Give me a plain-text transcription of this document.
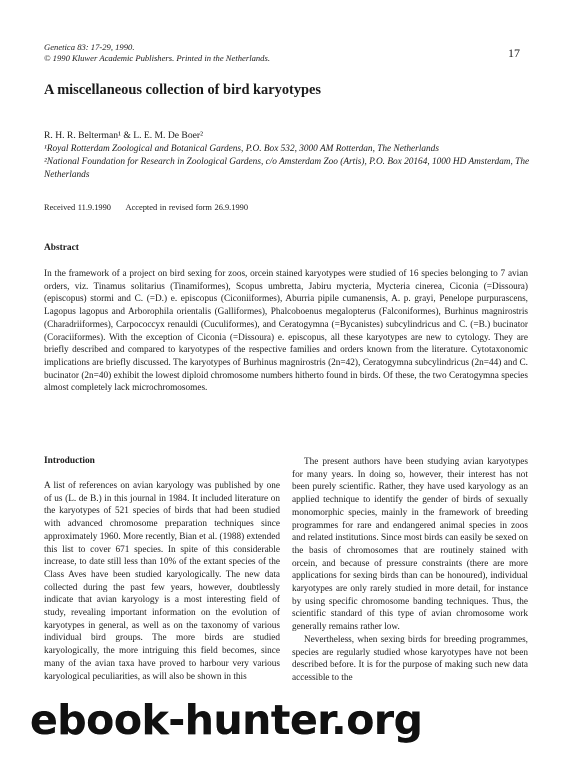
Genetica 83: 17-29, 1990.
© 1990 Kluwer Academic Publishers. Printed in the Netherlands.	17
A miscellaneous collection of bird karyotypes
R. H. R. Belterman¹ & L. E. M. De Boer²
¹Royal Rotterdam Zoological and Botanical Gardens, P.O. Box 532, 3000 AM Rotterdan, The Netherlands
²National Foundation for Research in Zoological Gardens, c/o Amsterdam Zoo (Artis), P.O. Box 20164, 1000 HD Amsterdam, The Netherlands
Received 11.9.1990 Accepted in revised form 26.9.1990
Abstract
In the framework of a project on bird sexing for zoos, orcein stained karyotypes were studied of 16 species belonging to 7 avian orders, viz. Tinamus solitarius (Tinamiformes), Scopus umbretta, Jabiru mycteria, Mycteria cinerea, Ciconia (=Dissoura) (episcopus) stormi and C. (=D.) e. episcopus (Ciconiiformes), Aburria pipile cumanensis, A. p. grayi, Penelope purpurascens, Lagopus lagopus and Arborophila orientalis (Galliformes), Phalcoboenus megalopterus (Falconiformes), Burhinus magnirostris (Charadriiformes), Carpococcyx renauldi (Cuculiformes), and Ceratogymna (=Bycanistes) subcylindricus and C. (=B.) bucinator (Coraciiformes). With the exception of Ciconia (=Dissoura) e. episcopus, all these karyotypes are new to cytology. They are briefly described and compared to karyotypes of the respective families and orders known from the literature. Cytotaxonomic implications are briefly discussed. The karyotypes of Burhinus magnirostris (2n=42), Ceratogymna subcylindricus (2n=44) and C. bucinator (2n=40) exhibit the lowest diploid chromosome numbers hitherto found in birds. Of these, the two Ceratogymna species almost completely lack microchromosomes.
Introduction

A list of references on avian karyology was published by one of us (L. de B.) in this journal in 1984. It included literature on the karyotypes of 521 species of birds that had been studied with advanced chromosome preparation techniques since approximately 1960. More recently, Bian et al. (1988) extended this list to cover 671 species. In spite of this considerable increase, to date still less than 10% of the extant species of the Class Aves have been studied karyologically. The new data collected during the past few years, however, doubtlessly indicate that avian karyology is a most interesting field of study, revealing important information on the evolution of karyotypes in general, as well as on the taxonomy of various individual bird groups. The more birds are studied karyologically, the more intriguing this field becomes, since many of the avian taxa have proved to harbour very various karyological peculiarities, as will also be shown in this

The present authors have been studying avian karyotypes for many years. In doing so, however, their interest has not been purely scientific. Rather, they have used karyology as an applied technique to identify the gender of birds of sexually monomorphic species, mainly in the framework of breeding programmes for rare and endangered animal species in zoos and related institutions. Since most birds can easily be sexed on the basis of chromosomes that are routinely stained with orcein, and because of pressure constraints (there are more applications for sexing birds than can be honoured), individual karyotypes are only rarely studied in more detail, for instance by using specific chromosome banding techniques. Thus, the scientific standard of this type of avian chromosome work generally remains rather low.

Nevertheless, when sexing birds for breeding programmes, species are regularly studied whose karyotypes have not been described before. It is for the purpose of making such new data accessible to the

ebook-hunter.org
